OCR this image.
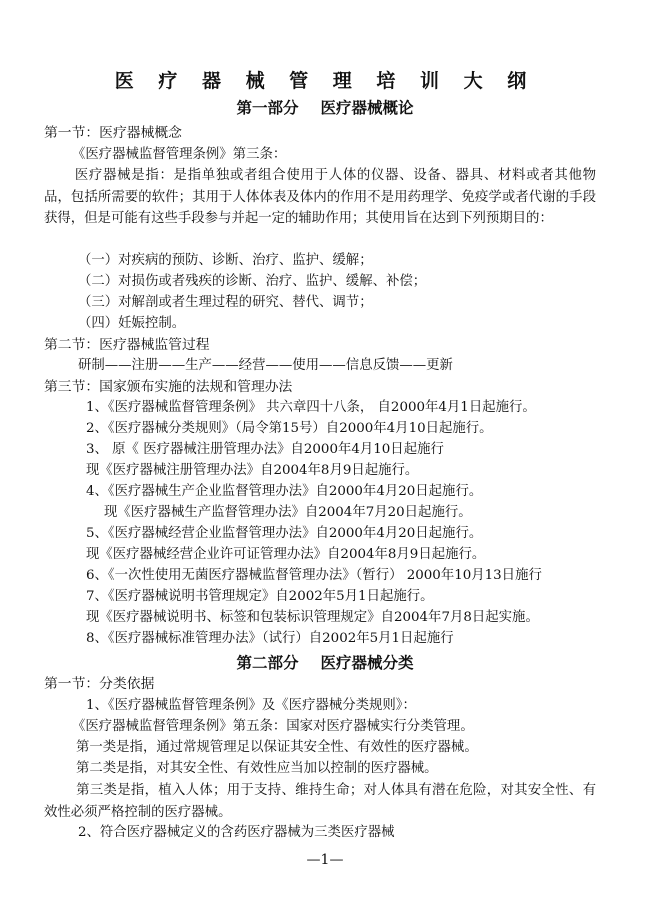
医 疗 器 械 管 理 培 训 大 纲
第一部分 医疗器械概论
第一节：医疗器械概念
《医疗器械监督管理条例》第三条：
医疗器械是指：是指单独或者组合使用于人体的仪器、设备、器具、材料或者其他物品，包括所需要的软件；其用于人体体表及体内的作用不是用药理学、免疫学或者代谢的手段获得，但是可能有这些手段参与并起一定的辅助作用；其使用旨在达到下列预期目的：
（一）对疾病的预防、诊断、治疗、监护、缓解；
（二）对损伤或者残疾的诊断、治疗、监护、缓解、补偿；
（三）对解剖或者生理过程的研究、替代、调节；
（四）妊娠控制。
第二节：医疗器械监管过程
研制——注册——生产——经营——使用——信息反馈——更新
第三节：国家颁布实施的法规和管理办法
1、《医疗器械监督管理条例》 共六章四十八条， 自2000年4月1日起施行。
2、《医疗器械分类规则》（局令第15号）自2000年4月10日起施行。
3、 原《 医疗器械注册管理办法》自2000年4月10日起施行
现《医疗器械注册管理办法》自2004年8月9日起施行。
4、《医疗器械生产企业监督管理办法》自2000年4月20日起施行。
现《医疗器械生产监督管理办法》自2004年7月20日起施行。
5、《医疗器械经营企业监督管理办法》自2000年4月20日起施行。
现《医疗器械经营企业许可证管理办法》自2004年8月9日起施行。
6、《一次性使用无菌医疗器械监督管理办法》（暂行） 2000年10月13日施行
7、《医疗器械说明书管理规定》自2002年5月1日起施行。
现《医疗器械说明书、标签和包装标识管理规定》自2004年7月8日起实施。
8、《医疗器械标准管理办法》（试行）自2002年5月1日起施行
第二部分 医疗器械分类
第一节：分类依据
1、《医疗器械监督管理条例》及《医疗器械分类规则》：
《医疗器械监督管理条例》第五条：国家对医疗器械实行分类管理。
第一类是指，通过常规管理足以保证其安全性、有效性的医疗器械。
第二类是指，对其安全性、有效性应当加以控制的医疗器械。
第三类是指，植入人体；用于支持、维持生命；对人体具有潜在危险，对其安全性、有效性必须严格控制的医疗器械。
2、符合医疗器械定义的含药医疗器械为三类医疗器械
—1—
